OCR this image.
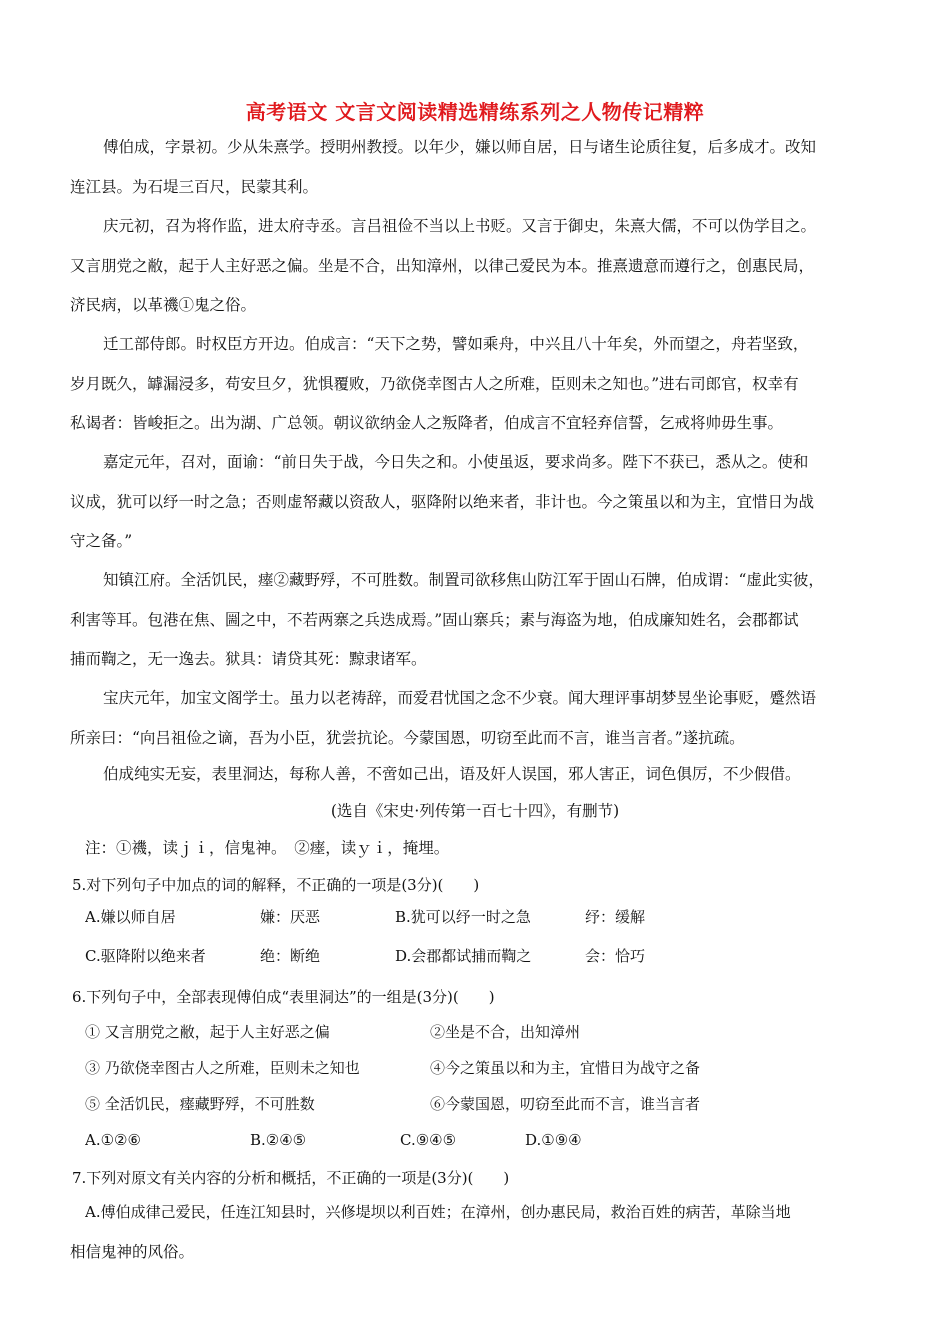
高考语文 文言文阅读精选精练系列之人物传记精粹
傅伯成，字景初。少从朱熹学。授明州教授。以年少，嫌以师自居，日与诸生论质往复，后多成才。改知
连江县。为石堤三百尺，民蒙其利。
庆元初，召为将作监，进太府寺丞。言吕祖俭不当以上书贬。又言于御史，朱熹大儒，不可以伪学目之。
又言朋党之敝，起于人主好恶之偏。坐是不合，出知漳州，以律己爱民为本。推熹遗意而遵行之，创惠民局，
济民病，以革禨①鬼之俗。
迁工部侍郎。时权臣方开边。伯成言：“天下之势，譬如乘舟，中兴且八十年矣，外而望之，舟若坚致，
岁月既久，罅漏浸多，苟安旦夕，犹惧覆败，乃欲侥幸图古人之所难，臣则未之知也。”进右司郎官，权幸有
私谒者：皆峻拒之。出为湖、广总领。朝议欲纳金人之叛降者，伯成言不宜轻弃信誓，乞戒将帅毋生事。
嘉定元年，召对，面谕：“前日失于战，今日失之和。小使虽返，要求尚多。陛下不获已，悉从之。使和
议成，犹可以纾一时之急；否则虚帑藏以资敌人，驱降附以绝来者，非计也。今之策虽以和为主，宜惜日为战
守之备。”
知镇江府。全活饥民，瘗②藏野殍，不可胜数。制置司欲移焦山防江军于固山石牌，伯成谓：“虚此实彼，
利害等耳。包港在焦、圌之中，不若两寨之兵迭成焉。”固山寨兵；素与海盗为地，伯成廉知姓名，会郡都试
捕而鞫之，无一逸去。狱具：请贷其死：黥隶诸军。
宝庆元年，加宝文阁学士。虽力以老祷辞，而爱君忧国之念不少衰。闻大理评事胡梦昱坐论事贬，蹙然语
所亲曰：“向吕祖俭之谪，吾为小臣，犹尝抗论。今蒙国恩，叨窃至此而不言，谁当言者。”遂抗疏。
伯成纯实无妄，表里洞达，每称人善，不啻如己出，语及奸人误国，邪人害正，词色俱厉，不少假借。
(选自《宋史·列传第一百七十四》，有删节)
注：①禨，读ｊｉ，信鬼神。　②瘗，读ｙｉ，掩埋。
5.对下列句子中加点的词的解释，不正确的一项是(3分)(　　)
A.嫌以师自居	嫌：厌恶	B.犹可以纾一时之急	纾：缓解
C.驱降附以绝来者	绝：断绝	D.会郡都试捕而鞫之	会：恰巧
6.下列句子中，全部表现傅伯成“表里洞达”的一组是(3分)(　　)
① 又言朋党之敝，起于人主好恶之偏	②坐是不合，出知漳州
③ 乃欲侥幸图古人之所难，臣则未之知也	④今之策虽以和为主，宜惜日为战守之备
⑤ 全活饥民，瘗藏野殍，不可胜数	⑥今蒙国恩，叨窃至此而不言，谁当言者
A.①②⑥	B.②④⑤	C.⑨④⑤	D.①⑨④
7.下列对原文有关内容的分析和概括，不正确的一项是(3分)(　　)
A.傅伯成律己爱民，任连江知县时，兴修堤坝以利百姓；在漳州，创办惠民局，救治百姓的病苦，革除当地
相信鬼神的风俗。
